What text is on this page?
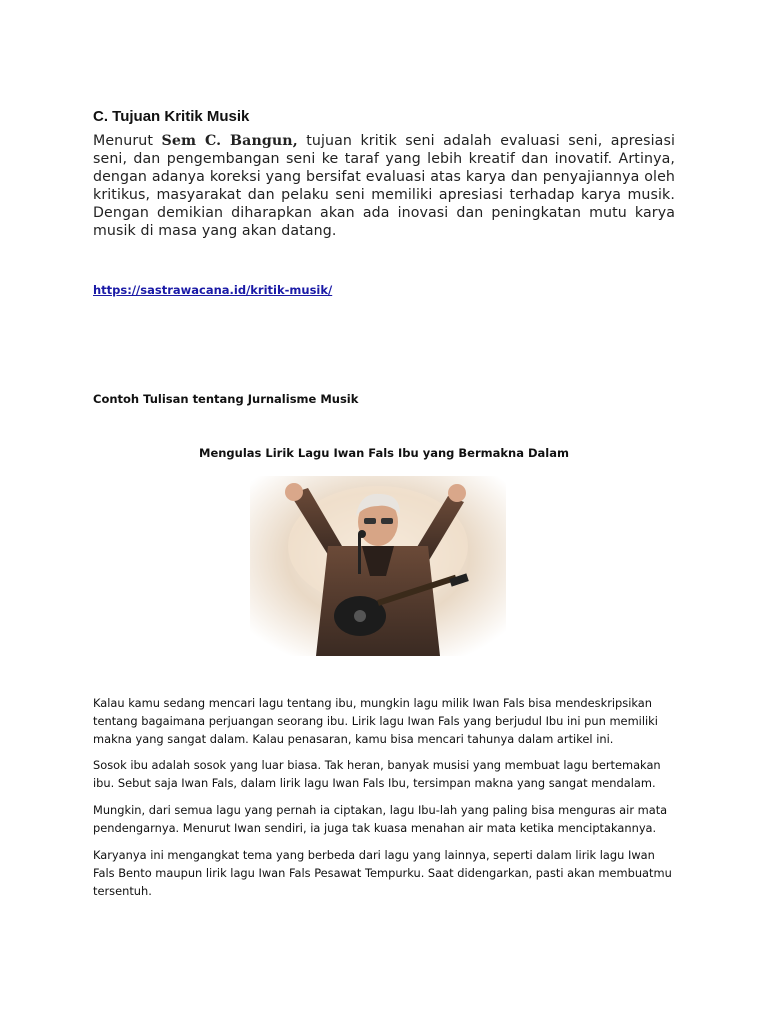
C. Tujuan Kritik Musik
Menurut Sem C. Bangun, tujuan kritik seni adalah evaluasi seni, apresiasi seni, dan pengembangan seni ke taraf yang lebih kreatif dan inovatif. Artinya, dengan adanya koreksi yang bersifat evaluasi atas karya dan penyajiannya oleh kritikus, masyarakat dan pelaku seni memiliki apresiasi terhadap karya musik. Dengan demikian diharapkan akan ada inovasi dan peningkatan mutu karya musik di masa yang akan datang.
https://sastrawacana.id/kritik-musik/
Contoh Tulisan tentang Jurnalisme Musik
Mengulas Lirik Lagu Iwan Fals Ibu yang Bermakna Dalam

Kalau kamu sedang mencari lagu tentang ibu, mungkin lagu milik Iwan Fals bisa mendeskripsikan tentang bagaimana perjuangan seorang ibu. Lirik lagu Iwan Fals yang berjudul Ibu ini pun memiliki makna yang sangat dalam. Kalau penasaran, kamu bisa mencari tahunya dalam artikel ini.

Sosok ibu adalah sosok yang luar biasa. Tak heran, banyak musisi yang membuat lagu bertemakan ibu. Sebut saja Iwan Fals, dalam lirik lagu Iwan Fals Ibu, tersimpan makna yang sangat mendalam.

Mungkin, dari semua lagu yang pernah ia ciptakan, lagu Ibu-lah yang paling bisa menguras air mata pendengarnya. Menurut Iwan sendiri, ia juga tak kuasa menahan air mata ketika menciptakannya.

Karyanya ini mengangkat tema yang berbeda dari lagu yang lainnya, seperti dalam lirik lagu Iwan Fals Bento maupun lirik lagu Iwan Fals Pesawat Tempurku. Saat didengarkan, pasti akan membuatmu tersentuh.
